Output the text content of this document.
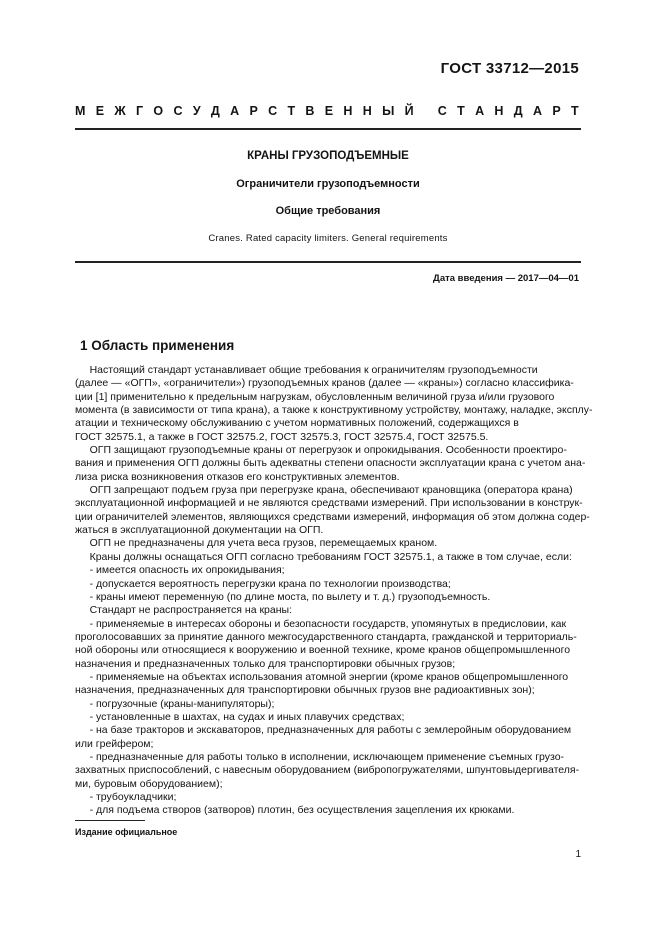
ГОСТ 33712—2015
М Е Ж Г О С У Д А Р С Т В Е Н Н Ы Й
С Т А Н Д А Р Т
КРАНЫ ГРУЗОПОДЪЕМНЫЕ
Ограничители грузоподъемности
Общие требования
Cranes. Rated capacity limiters. General requirements
Дата введения — 2017—04—01
1 Область применения
Настоящий стандарт устанавливает общие требования к ограничителям грузоподъемности
(далее — «ОГП», «ограничители») грузоподъемных кранов (далее — «краны») согласно классифика-
ции [1] применительно к предельным нагрузкам, обусловленным величиной груза и/или грузового
момента (в зависимости от типа крана), а также к конструктивному устройству, монтажу, наладке, эксплу-
атации и техническому обслуживанию с учетом нормативных положений, содержащихся в
ГОСТ 32575.1, а также в ГОСТ 32575.2, ГОСТ 32575.3, ГОСТ 32575.4, ГОСТ 32575.5.
ОГП защищают грузоподъемные краны от перегрузок и опрокидывания. Особенности проектиро-
вания и применения ОГП должны быть адекватны степени опасности эксплуатации крана с учетом ана-
лиза риска возникновения отказов его конструктивных элементов.
ОГП запрещают подъем груза при перегрузке крана, обеспечивают крановщика (оператора крана)
эксплуатационной информацией и не являются средствами измерений. При использовании в конструк-
ции ограничителей элементов, являющихся средствами измерений, информация об этом должна содер-
жаться в эксплуатационной документации на ОГП.
ОГП не предназначены для учета веса грузов, перемещаемых краном.
Краны должны оснащаться ОГП согласно требованиям ГОСТ 32575.1, а также в том случае, если:
- имеется опасность их опрокидывания;
- допускается вероятность перегрузки крана по технологии производства;
- краны имеют переменную (по длине моста, по вылету и т. д.) грузоподъемность.
Стандарт не распространяется на краны:
- применяемые в интересах обороны и безопасности государств, упомянутых в предисловии, как
проголосовавших за принятие данного межгосударственного стандарта, гражданской и территориаль-
ной обороны или относящиеся к вооружению и военной технике, кроме кранов общепромышленного
назначения и предназначенных только для транспортировки обычных грузов;
- применяемые на объектах использования атомной энергии (кроме кранов общепромышленного
назначения, предназначенных для транспортировки обычных грузов вне радиоактивных зон);
- погрузочные (краны-манипуляторы);
- установленные в шахтах, на судах и иных плавучих средствах;
- на базе тракторов и экскаваторов, предназначенных для работы с землеройным оборудованием
или грейфером;
- предназначенные для работы только в исполнении, исключающем применение съемных грузо-
захватных приспособлений, с навесным оборудованием (вибропогружателями, шпунтовыдергивателя-
ми, буровым оборудованием);
- трубоукладчики;
- для подъема створов (затворов) плотин, без осуществления зацепления их крюками.
Издание официальное
1
